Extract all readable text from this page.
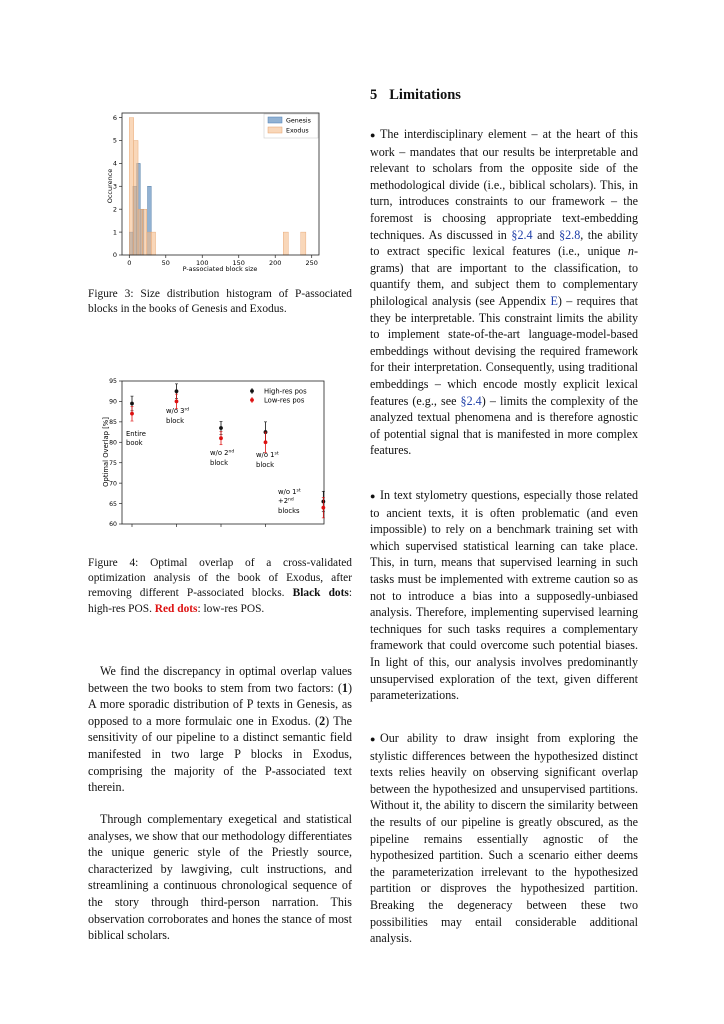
0	50	100	150	200	250
0
1
2
3
4
5
6
Occurence
P-associated block size
Genesis
Exodus

Figure 3: Size distribution histogram of P-associated blocks in the books of Genesis and Exodus.

60
65
70
75
80
85
90
95
Optimal Overlap [%]
High-res pos
Low-res pos
Entire
book
w/o 3rd
block
w/o 2nd
block
w/o 1st
block
w/o 1st
+2nd
blocks

Figure 4: Optimal overlap of a cross-validated optimization analysis of the book of Exodus, after removing different P-associated blocks. Black dots: high-res POS. Red dots: low-res POS.

We find the discrepancy in optimal overlap values between the two books to stem from two factors: (1) A more sporadic distribution of P texts in Genesis, as opposed to a more formulaic one in Exodus. (2) The sensitivity of our pipeline to a distinct semantic field manifested in two large P blocks in Exodus, comprising the majority of the P-associated text therein.

Through complementary exegetical and statistical analyses, we show that our methodology differentiates the unique generic style of the Priestly source, characterized by lawgiving, cult instructions, and streamlining a continuous chronological sequence of the story through third-person narration. This observation corroborates and hones the stance of most biblical scholars.

5 Limitations

● The interdisciplinary element – at the heart of this work – mandates that our results be interpretable and relevant to scholars from the opposite side of the methodological divide (i.e., biblical scholars). This, in turn, introduces constraints to our framework – the foremost is choosing appropriate text-embedding techniques. As discussed in §2.4 and §2.8, the ability to extract specific lexical features (i.e., unique n-grams) that are important to the classification, to quantify them, and subject them to complementary philological analysis (see Appendix E) – requires that they be interpretable. This constraint limits the ability to implement state-of-the-art language-model-based embeddings without devising the required framework for their interpretation. Consequently, using traditional embeddings – which encode mostly explicit lexical features (e.g., see §2.4) – limits the complexity of the analyzed textual phenomena and is therefore agnostic of potential signal that is manifested in more complex features.

● In text stylometry questions, especially those related to ancient texts, it is often problematic (and even impossible) to rely on a benchmark training set with which supervised statistical learning can take place. This, in turn, means that supervised learning in such tasks must be implemented with extreme caution so as not to introduce a bias into a supposedly-unbiased analysis. Therefore, implementing supervised learning techniques for such tasks requires a complementary framework that could overcome such potential biases. In light of this, our analysis involves predominantly unsupervised exploration of the text, given different parameterizations.

● Our ability to draw insight from exploring the stylistic differences between the hypothesized distinct texts relies heavily on observing significant overlap between the hypothesized and unsupervised partitions. Without it, the ability to discern the similarity between the results of our pipeline is greatly obscured, as the pipeline remains essentially agnostic of the hypothesized partition. Such a scenario either deems the parameterization irrelevant to the hypothesized partition or disproves the hypothesized partition. Breaking the degeneracy between these two possibilities may entail considerable additional analysis.
